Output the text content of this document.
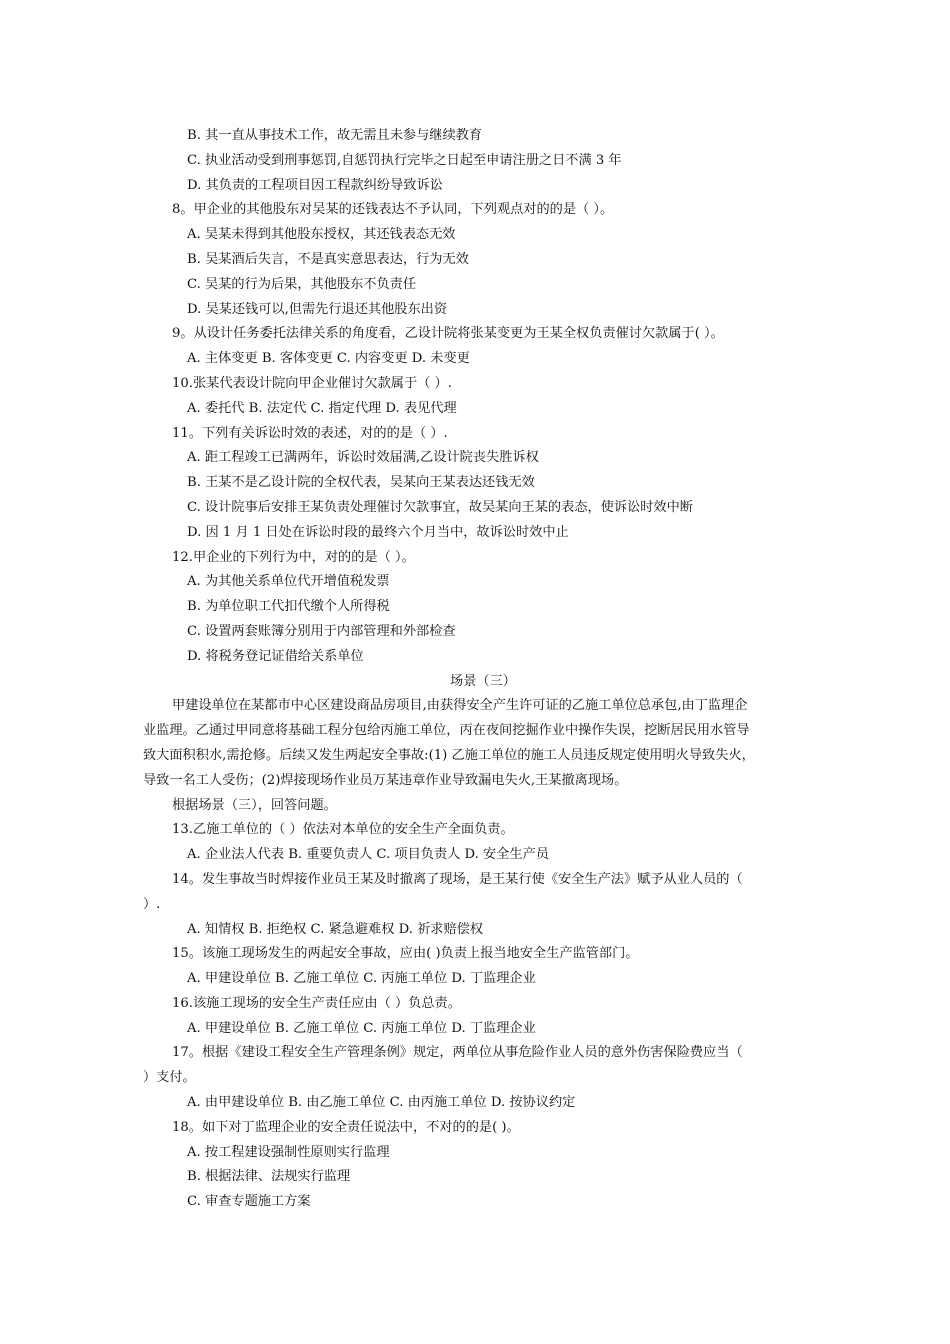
B. 其一直从事技术工作，故无需且未参与继续教育
C. 执业活动受到刑事惩罚,自惩罚执行完毕之日起至申请注册之日不满 3 年
D. 其负责的工程项目因工程款纠纷导致诉讼
8。甲企业的其他股东对吴某的还钱表达不予认同，下列观点对的的是（ ）。
A. 吴某未得到其他股东授权，其还钱表态无效
B. 吴某酒后失言，不是真实意思表达，行为无效
C. 吴某的行为后果，其他股东不负责任
D. 吴某还钱可以,但需先行退还其他股东出资
9。从设计任务委托法律关系的角度看，乙设计院将张某变更为王某全权负责催讨欠款属于( ）。
A. 主体变更 B. 客体变更 C. 内容变更 D. 未变更
10.张某代表设计院向甲企业催讨欠款属于（ ）.
A. 委托代 B. 法定代 C. 指定代理 D. 表见代理
11。下列有关诉讼时效的表述，对的的是（ ）.
A. 距工程竣工已满两年，诉讼时效届满,乙设计院丧失胜诉权
B. 王某不是乙设计院的全权代表，吴某向王某表达还钱无效
C. 设计院事后安排王某负责处理催讨欠款事宜，故吴某向王某的表态，使诉讼时效中断
D. 因 1 月 1 日处在诉讼时段的最终六个月当中，故诉讼时效中止
12.甲企业的下列行为中，对的的是（ ）。
A. 为其他关系单位代开增值税发票
B. 为单位职工代扣代缴个人所得税
C. 设置两套账簿分别用于内部管理和外部检查
D. 将税务登记证借给关系单位
场景（三）
甲建设单位在某都市中心区建设商品房项目,由获得安全产生许可证的乙施工单位总承包,由丁监理企
业监理。乙通过甲同意将基础工程分包给丙施工单位，丙在夜间挖掘作业中操作失误，挖断居民用水管导
致大面积积水,需抢修。后续又发生两起安全事故:(1) 乙施工单位的施工人员违反规定使用明火导致失火，
导致一名工人受伤；(2)焊接现场作业员万某违章作业导致漏电失火,王某撤离现场。
根据场景（三），回答问题。
13.乙施工单位的（ ）依法对本单位的安全生产全面负责。
A. 企业法人代表 B. 重要负责人 C. 项目负责人 D. 安全生产员
14。发生事故当时焊接作业员王某及时撤离了现场，是王某行使《安全生产法》赋予从业人员的（
）.
A. 知情权 B. 拒绝权 C. 紧急避难权 D. 祈求赔偿权
15。该施工现场发生的两起安全事故，应由( )负责上报当地安全生产监管部门。
A. 甲建设单位 B. 乙施工单位 C. 丙施工单位 D. 丁监理企业
16.该施工现场的安全生产责任应由（ ）负总责。
A. 甲建设单位 B. 乙施工单位 C. 丙施工单位 D. 丁监理企业
17。根据《建设工程安全生产管理条例》规定，两单位从事危险作业人员的意外伤害保险费应当（
）支付。
A. 由甲建设单位 B. 由乙施工单位 C. 由丙施工单位 D. 按协议约定
18。如下对丁监理企业的安全责任说法中，不对的的是( )。
A. 按工程建设强制性原则实行监理
B. 根据法律、法规实行监理
C. 审查专题施工方案
